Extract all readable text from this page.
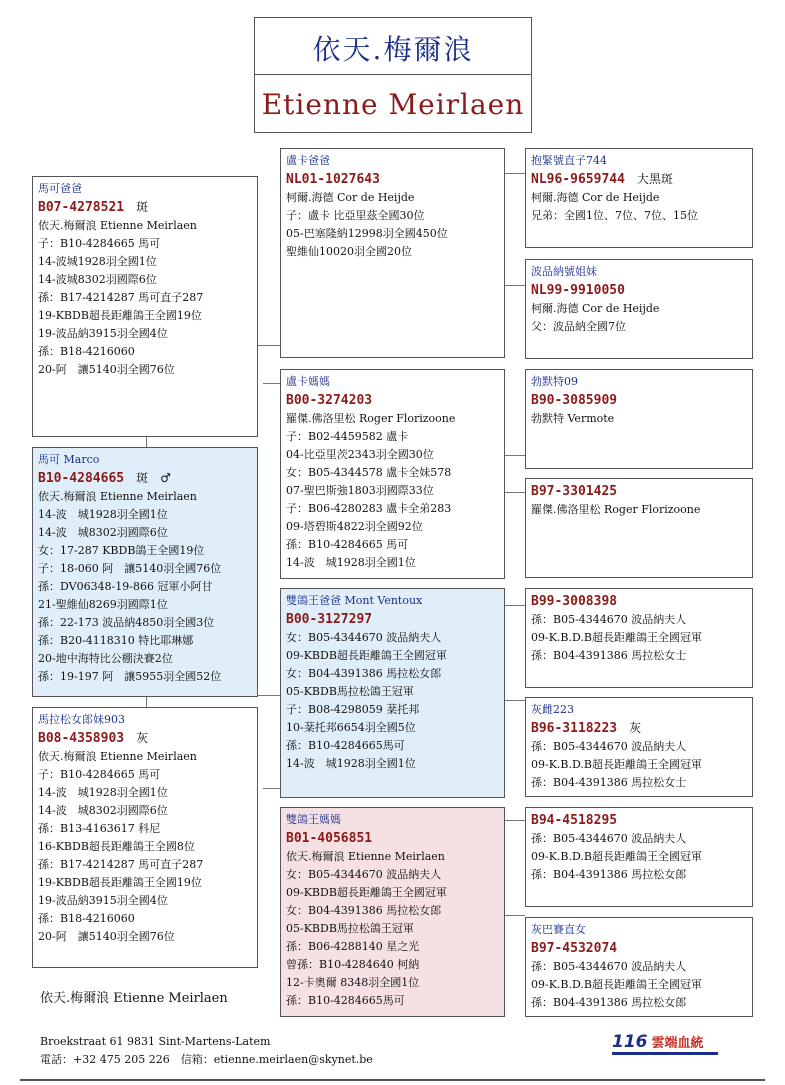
依天.梅爾浪
Etienne Meirlaen
馬可爸爸
B07-4278521 斑
依天.梅爾浪 Etienne Meirlaen
子：B10-4284665 馬可
14-波城1928羽全國1位
14-波城8302羽國際6位
孫：B17-4214287 馬可直子287
19-KBDB超長距離鴿王全國19位
19-波品納3915羽全國4位
孫：B18-4216060
20-阿　讓5140羽全國76位
馬可 Marco
B10-4284665 斑　♂
依天.梅爾浪 Etienne Meirlaen
14-波　城1928羽全國1位
14-波　城8302羽國際6位
女：17-287 KBDB鴿王全國19位
子：18-060 阿　讓5140羽全國76位
孫：DV06348-19-866 冠軍小阿甘
21-聖維仙8269羽國際1位
孫：22-173 波品納4850羽全國3位
孫：B20-4118310 特比耶琳娜
20-地中海特比公棚決賽2位
孫：19-197 阿　讓5955羽全國52位
馬拉松女郎妹903
B08-4358903 灰
依天.梅爾浪 Etienne Meirlaen
子：B10-4284665 馬可
14-波　城1928羽全國1位
14-波　城8302羽國際6位
孫：B13-4163617 科尼
16-KBDB超長距離鴿王全國8位
孫：B17-4214287 馬可直子287
19-KBDB超長距離鴿王全國19位
19-波品納3915羽全國4位
孫：B18-4216060
20-阿　讓5140羽全國76位
盧卡爸爸
NL01-1027643
柯爾.海德 Cor de Heijde
子：盧卡 比亞里茲全國30位
05-巴塞隆納12998羽全國450位
聖維仙10020羽全國20位
盧卡媽媽
B00-3274203
羅傑.佛洛里松 Roger Florizoone
子：B02-4459582 盧卡
04-比亞里茨2343羽全國30位
女：B05-4344578 盧卡全妹578
07-聖巴斯強1803羽國際33位
子：B06-4280283 盧卡全弟283
09-塔碧斯4822羽全國92位
孫：B10-4284665 馬可
14-波　城1928羽全國1位
雙鴿王爸爸 Mont Ventoux
B00-3127297
女：B05-4344670 波品納夫人
09-KBDB超長距離鴿王全國冠軍
女：B04-4391386 馬拉松女郎
05-KBDB馬拉松鴿王冠軍
子：B08-4298059 棻托邦
10-棻托邦6654羽全國5位
孫：B10-4284665馬可
14-波　城1928羽全國1位
雙鴿王媽媽
B01-4056851
依天.梅爾浪 Etienne Meirlaen
女：B05-4344670 波品納夫人
09-KBDB超長距離鴿王全國冠軍
女：B04-4391386 馬拉松女郎
05-KBDB馬拉松鴿王冠軍
孫：B06-4288140 星之光
曾孫：B10-4284640 柯納
12-卡奧爾 8348羽全國1位
孫：B10-4284665馬可
抱緊號直子744
NL96-9659744 大黑斑
柯爾.海德 Cor de Heijde
兄弟：全國1位、7位、7位、15位
波品納號姐妹
NL99-9910050
柯爾.海德 Cor de Heijde
父：波品納全國7位
勃默特09
B90-3085909
勃默特 Vermote
B97-3301425
羅傑.佛洛里松 Roger Florizoone
B99-3008398
孫：B05-4344670 波品納夫人
09-K.B.D.B超長距離鴿王全國冠軍
孫：B04-4391386 馬拉松女士
灰雌223
B96-3118223 灰
孫：B05-4344670 波品納夫人
09-K.B.D.B超長距離鴿王全國冠軍
孫：B04-4391386 馬拉松女士
B94-4518295
孫：B05-4344670 波品納夫人
09-K.B.D.B超長距離鴿王全國冠軍
孫：B04-4391386 馬拉松女郎
灰巴賽直女
B97-4532074
孫：B05-4344670 波品納夫人
09-K.B.D.B超長距離鴿王全國冠軍
孫：B04-4391386 馬拉松女郎
依天.梅爾浪 Etienne Meirlaen
Broekstraat 61 9831 Sint-Martens-Latem
電話：+32 475 205 226　信箱：etienne.meirlaen@skynet.be
116 雲端血統
